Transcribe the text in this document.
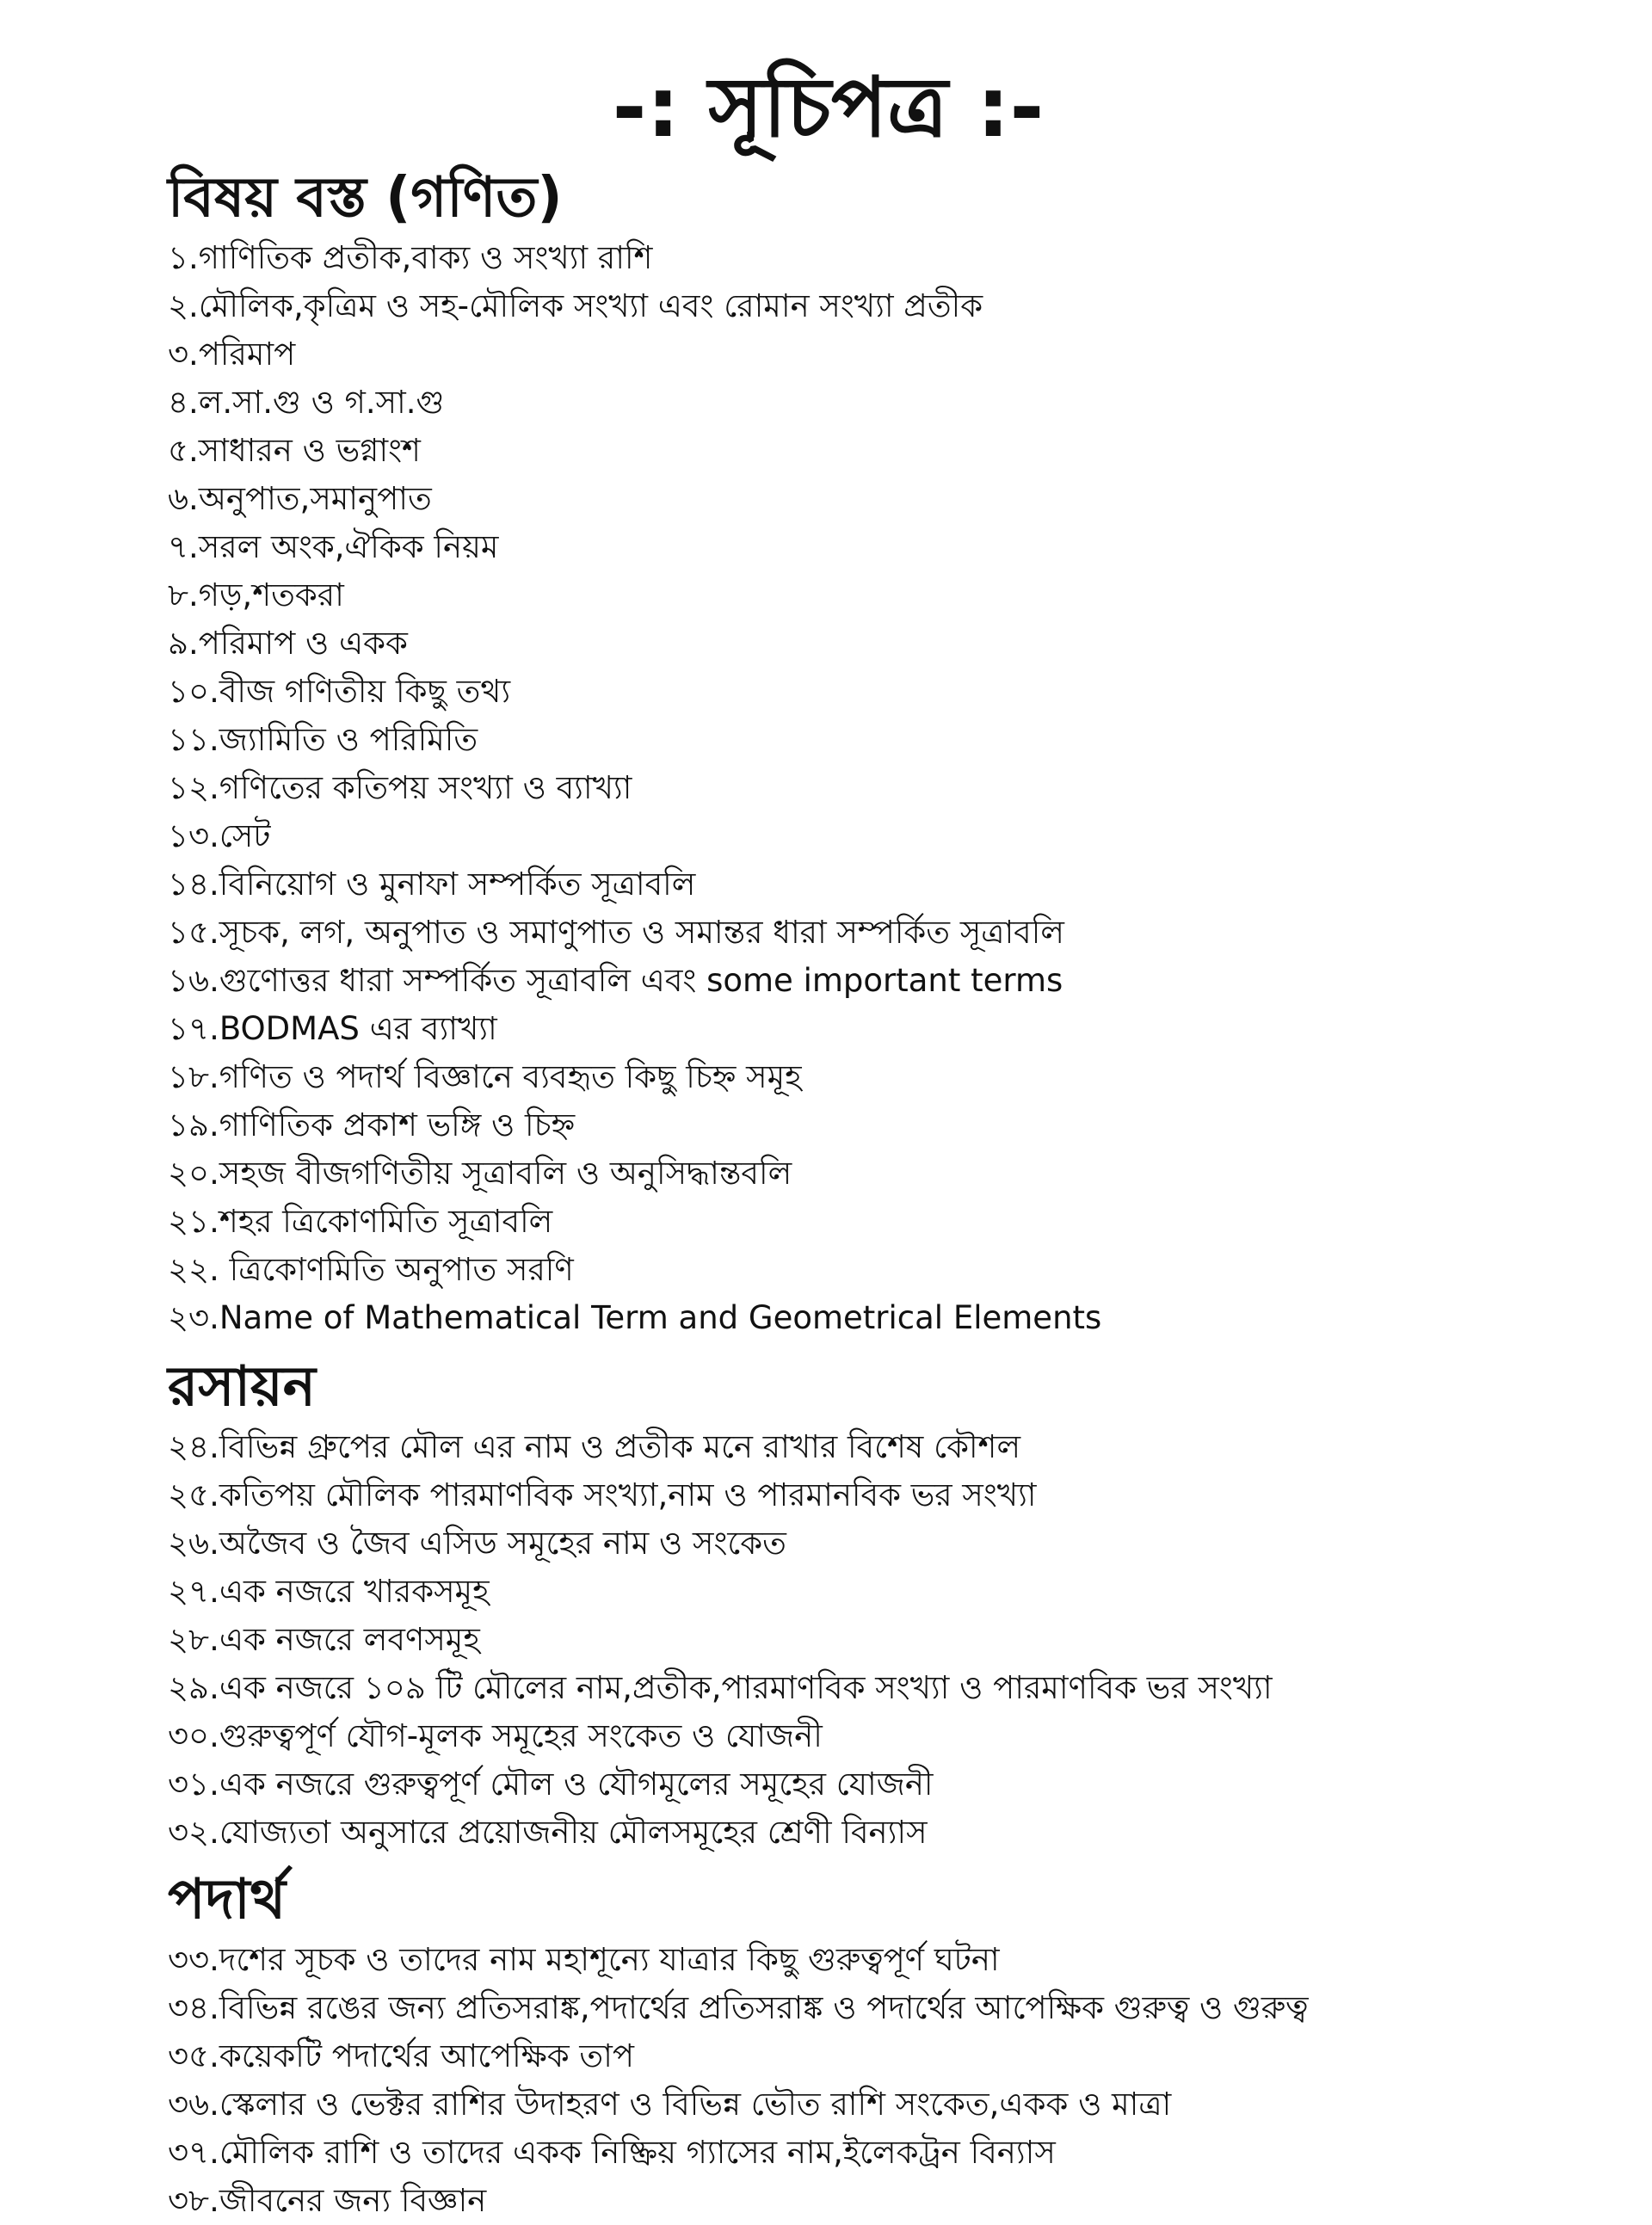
-: সূচিপত্র :-
বিষয় বস্ত (গণিত)
১.গাণিতিক প্রতীক,বাক্য ও সংখ্যা রাশি
২.মৌলিক,কৃত্রিম ও সহ-মৌলিক সংখ্যা এবং রোমান সংখ্যা প্রতীক
৩.পরিমাপ
৪.ল.সা.গু ও গ.সা.গু
৫.সাধারন ও ভগ্নাংশ
৬.অনুপাত,সমানুপাত
৭.সরল অংক,ঐকিক নিয়ম
৮.গড়,শতকরা
৯.পরিমাপ ও একক
১০.বীজ গণিতীয় কিছু তথ্য
১১.জ্যামিতি ও পরিমিতি
১২.গণিতের কতিপয় সংখ্যা ও ব্যাখ্যা
১৩.সেট
১৪.বিনিয়োগ ও মুনাফা সম্পর্কিত সূত্রাবলি
১৫.সূচক, লগ, অনুপাত ও সমাণুপাত ও সমান্তর ধারা সম্পর্কিত সূত্রাবলি
১৬.গুণোত্তর ধারা সম্পর্কিত সূত্রাবলি এবং some important terms
১৭.BODMAS এর ব্যাখ্যা
১৮.গণিত ও পদার্থ বিজ্ঞানে ব্যবহৃত কিছু চিহ্ন সমূহ
১৯.গাণিতিক প্রকাশ ভঙ্গি ও চিহ্ন
২০.সহজ বীজগণিতীয় সূত্রাবলি ও অনুসিদ্ধান্তবলি
২১.শহর ত্রিকোণমিতি সূত্রাবলি
২২. ত্রিকোণমিতি অনুপাত সরণি
২৩.Name of Mathematical Term and Geometrical Elements
রসায়ন
২৪.বিভিন্ন গ্রুপের মৌল এর নাম ও প্রতীক মনে রাখার বিশেষ কৌশল
২৫.কতিপয় মৌলিক পারমাণবিক সংখ্যা,নাম ও পারমানবিক ভর সংখ্যা
২৬.অজৈব ও জৈব এসিড সমূহের নাম ও সংকেত
২৭.এক নজরে খারকসমূহ
২৮.এক নজরে লবণসমূহ
২৯.এক নজরে ১০৯ টি মৌলের নাম,প্রতীক,পারমাণবিক সংখ্যা ও পারমাণবিক ভর সংখ্যা
৩০.গুরুত্বপূর্ণ যৌগ-মূলক সমূহের সংকেত ও যোজনী
৩১.এক নজরে গুরুত্বপূর্ণ মৌল ও যৌগমূলের সমূহের যোজনী
৩২.যোজ্যতা অনুসারে প্রয়োজনীয় মৌলসমূহের শ্রেণী বিন্যাস
পদার্থ
৩৩.দশের সূচক ও তাদের নাম মহাশূন্যে যাত্রার কিছু গুরুত্বপূর্ণ ঘটনা
৩৪.বিভিন্ন রঙের জন্য প্রতিসরাঙ্ক,পদার্থের প্রতিসরাঙ্ক ও পদার্থের আপেক্ষিক গুরুত্ব ও গুরুত্ব
৩৫.কয়েকটি পদার্থের আপেক্ষিক তাপ
৩৬.স্কেলার ও ভেক্টর রাশির উদাহরণ ও বিভিন্ন ভৌত রাশি সংকেত,একক ও মাত্রা
৩৭.মৌলিক রাশি ও তাদের একক নিষ্ক্রিয় গ্যাসের নাম,ইলেকট্রন বিন্যাস
৩৮.জীবনের জন্য বিজ্ঞান
